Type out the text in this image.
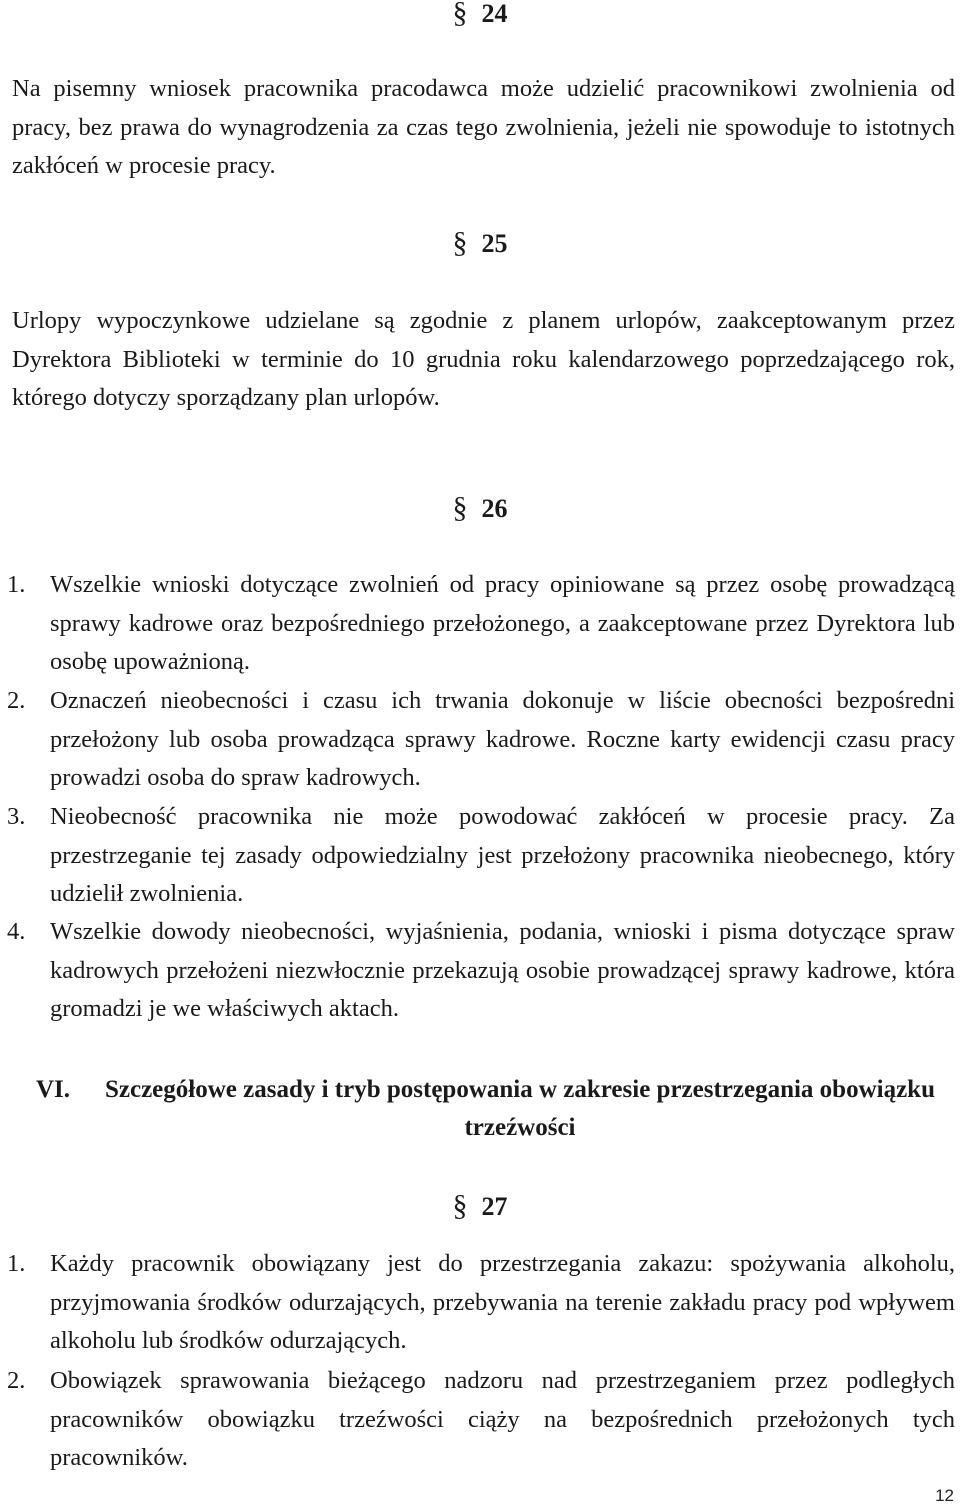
§ 24
Na pisemny wniosek pracownika pracodawca może udzielić pracownikowi zwolnienia od pracy, bez prawa do wynagrodzenia za czas tego zwolnienia, jeżeli nie spowoduje to istotnych zakłóceń w procesie pracy.
§ 25
Urlopy wypoczynkowe udzielane są zgodnie z planem urlopów, zaakceptowanym przez Dyrektora Biblioteki w terminie do 10 grudnia roku kalendarzowego poprzedzającego rok, którego dotyczy sporządzany plan urlopów.
§ 26
1.	Wszelkie wnioski dotyczące zwolnień od pracy opiniowane są przez osobę prowadzącą sprawy kadrowe oraz bezpośredniego przełożonego, a zaakceptowane przez Dyrektora lub osobę upoważnioną.
2.	Oznaczeń nieobecności i czasu ich trwania dokonuje w liście obecności bezpośredni przełożony lub osoba prowadząca sprawy kadrowe. Roczne karty ewidencji czasu pracy prowadzi osoba do spraw kadrowych.
3.	Nieobecność pracownika nie może powodować zakłóceń w procesie pracy. Za przestrzeganie tej zasady odpowiedzialny jest przełożony pracownika nieobecnego, który udzielił zwolnienia.
4.	Wszelkie dowody nieobecności, wyjaśnienia, podania, wnioski i pisma dotyczące spraw kadrowych przełożeni niezwłocznie przekazują osobie prowadzącej sprawy kadrowe, która gromadzi je we właściwych aktach.
VI. Szczegółowe zasady i tryb postępowania w zakresie przestrzegania obowiązku trzeźwości
§ 27
1.	Każdy pracownik obowiązany jest do przestrzegania zakazu: spożywania alkoholu, przyjmowania środków odurzających, przebywania na terenie zakładu pracy pod wpływem alkoholu lub środków odurzających.
2.	Obowiązek sprawowania bieżącego nadzoru nad przestrzeganiem przez podległych pracowników obowiązku trzeźwości ciąży na bezpośrednich przełożonych tych pracowników.
12
